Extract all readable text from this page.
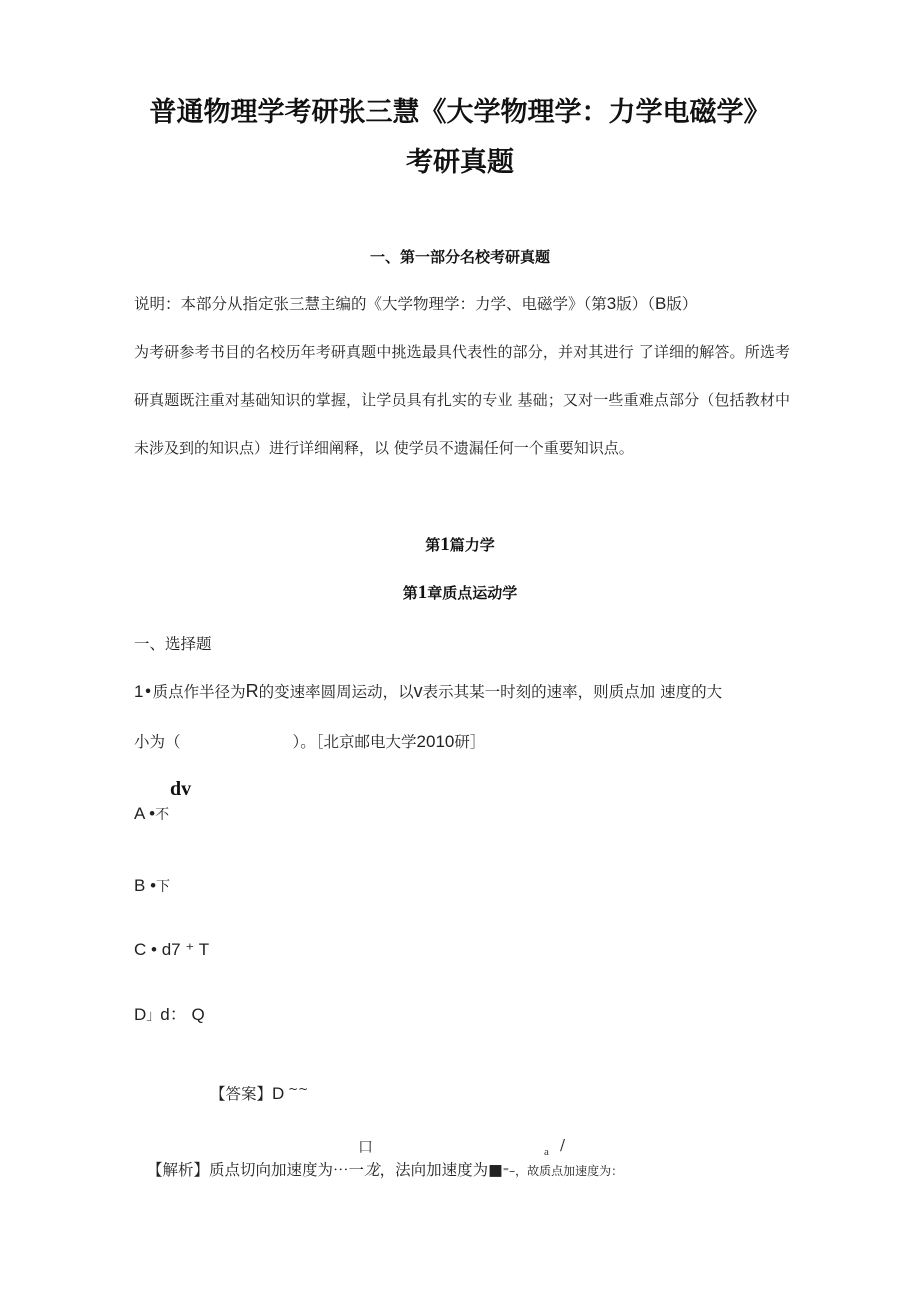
普通物理学考研张三慧《大学物理学：力学电磁学》
考研真题
一、第一部分名校考研真题
说明：本部分从指定张三慧主编的《大学物理学：力学、电磁学》（第3版）（B版）
为考研参考书目的名校历年考研真题中挑选最具代表性的部分，并对其进行 了详细的解答。所选考研真题既注重对基础知识的掌握，让学员具有扎实的专业 基础；又对一些重难点部分（包括教材中未涉及到的知识点）进行详细阐释，以 使学员不遗漏任何一个重要知识点。
第1篇力学
第1章质点运动学
一、选择题
1•质点作半径为R的变速率圆周运动，以v表示其某一时刻的速率，则质点加 速度的大
小为（	）。［北京邮电大学2010研］
dv
A •不
B •下
C • d7 ⁺ T
D」d： Q
【答案】D ~~
口	a /
【解析】质点切向加速度为⋯一龙，法向加速度为■⁼–，故质点加速度为：
